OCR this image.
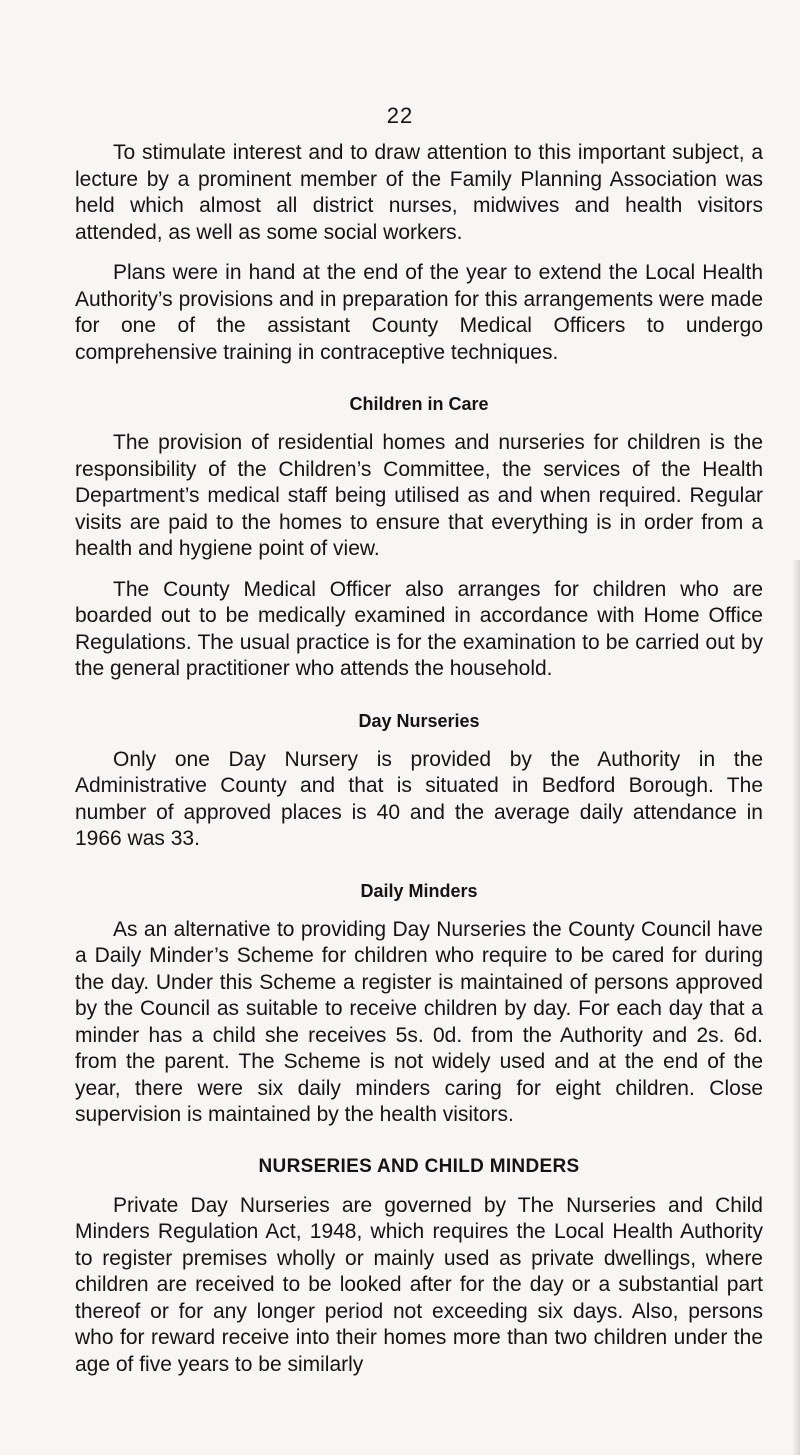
22

To stimulate interest and to draw attention to this important subject, a lecture by a prominent member of the Family Planning Association was held which almost all district nurses, midwives and health visitors attended, as well as some social workers.

Plans were in hand at the end of the year to extend the Local Health Authority’s provisions and in preparation for this arrangements were made for one of the assistant County Medical Officers to undergo comprehensive training in contraceptive techniques.

Children in Care

The provision of residential homes and nurseries for children is the responsibility of the Children’s Committee, the services of the Health Department’s medical staff being utilised as and when required. Regular visits are paid to the homes to ensure that everything is in order from a health and hygiene point of view.

The County Medical Officer also arranges for children who are boarded out to be medically examined in accordance with Home Office Regulations. The usual practice is for the examination to be carried out by the general practitioner who attends the household.

Day Nurseries

Only one Day Nursery is provided by the Authority in the Administrative County and that is situated in Bedford Borough. The number of approved places is 40 and the average daily attendance in 1966 was 33.

Daily Minders

As an alternative to providing Day Nurseries the County Council have a Daily Minder’s Scheme for children who require to be cared for during the day. Under this Scheme a register is maintained of persons approved by the Council as suitable to receive children by day. For each day that a minder has a child she receives 5s. 0d. from the Authority and 2s. 6d. from the parent. The Scheme is not widely used and at the end of the year, there were six daily minders caring for eight children. Close supervision is maintained by the health visitors.

NURSERIES AND CHILD MINDERS

Private Day Nurseries are governed by The Nurseries and Child Minders Regulation Act, 1948, which requires the Local Health Authority to register premises wholly or mainly used as private dwellings, where children are received to be looked after for the day or a substantial part thereof or for any longer period not exceeding six days. Also, persons who for reward receive into their homes more than two children under the age of five years to be similarly
